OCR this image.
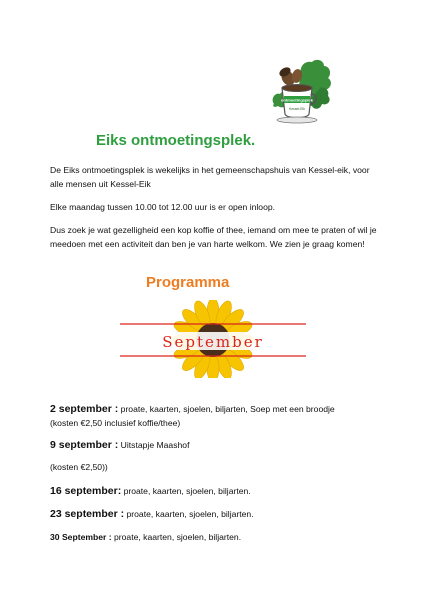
ontmoetingsplek
Kessel-Eik
Eiks ontmoetingsplek.

De Eiks ontmoetingsplek is wekelijks in het gemeenschapshuis van Kessel-eik, voor alle mensen uit Kessel-Eik

Elke maandag tussen 10.00 tot 12.00 uur is er open inloop.

Dus zoek je wat gezelligheid een kop koffie of thee, iemand om mee te praten of wil je meedoen met een activiteit dan ben je van harte welkom. We zien je graag komen!

Programma
September

2 september : proate, kaarten, sjoelen, biljarten, Soep met een broodje

(kosten €2,50 inclusief koffie/thee)

9 september : Uitstapje Maashof

(kosten €2,50))

16 september: proate, kaarten, sjoelen, biljarten.

23 september : proate, kaarten, sjoelen, biljarten.

30 September : proate, kaarten, sjoelen, biljarten.
